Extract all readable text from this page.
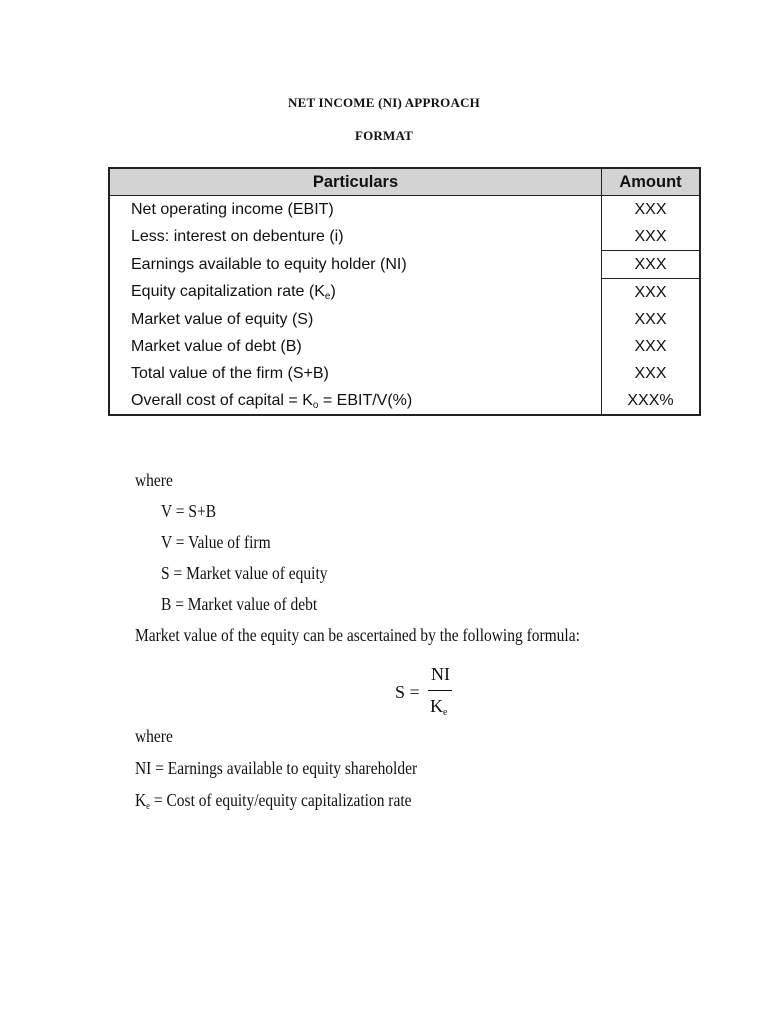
NET INCOME (NI) APPROACH
FORMAT
Particulars	Amount
Net operating income (EBIT)	XXX
Less: interest on debenture (i)	XXX
Earnings available to equity holder (NI)	XXX
Equity capitalization rate $(K_e)$	XXX
Market value of equity (S)	XXX
Market value of debt (B)	XXX
Total value of the firm (S+B)	XXX
Overall cost of capital = $K_o$ = EBIT/V(%)	XXX%
where
V = S+B
V = Value of firm
S = Market value of equity
B = Market value of debt
Market value of the equity can be ascertained by the following formula:
S =
NI
$K_e$
where
NI = Earnings available to equity shareholder
$K_e$ = Cost of equity/equity capitalization rate
